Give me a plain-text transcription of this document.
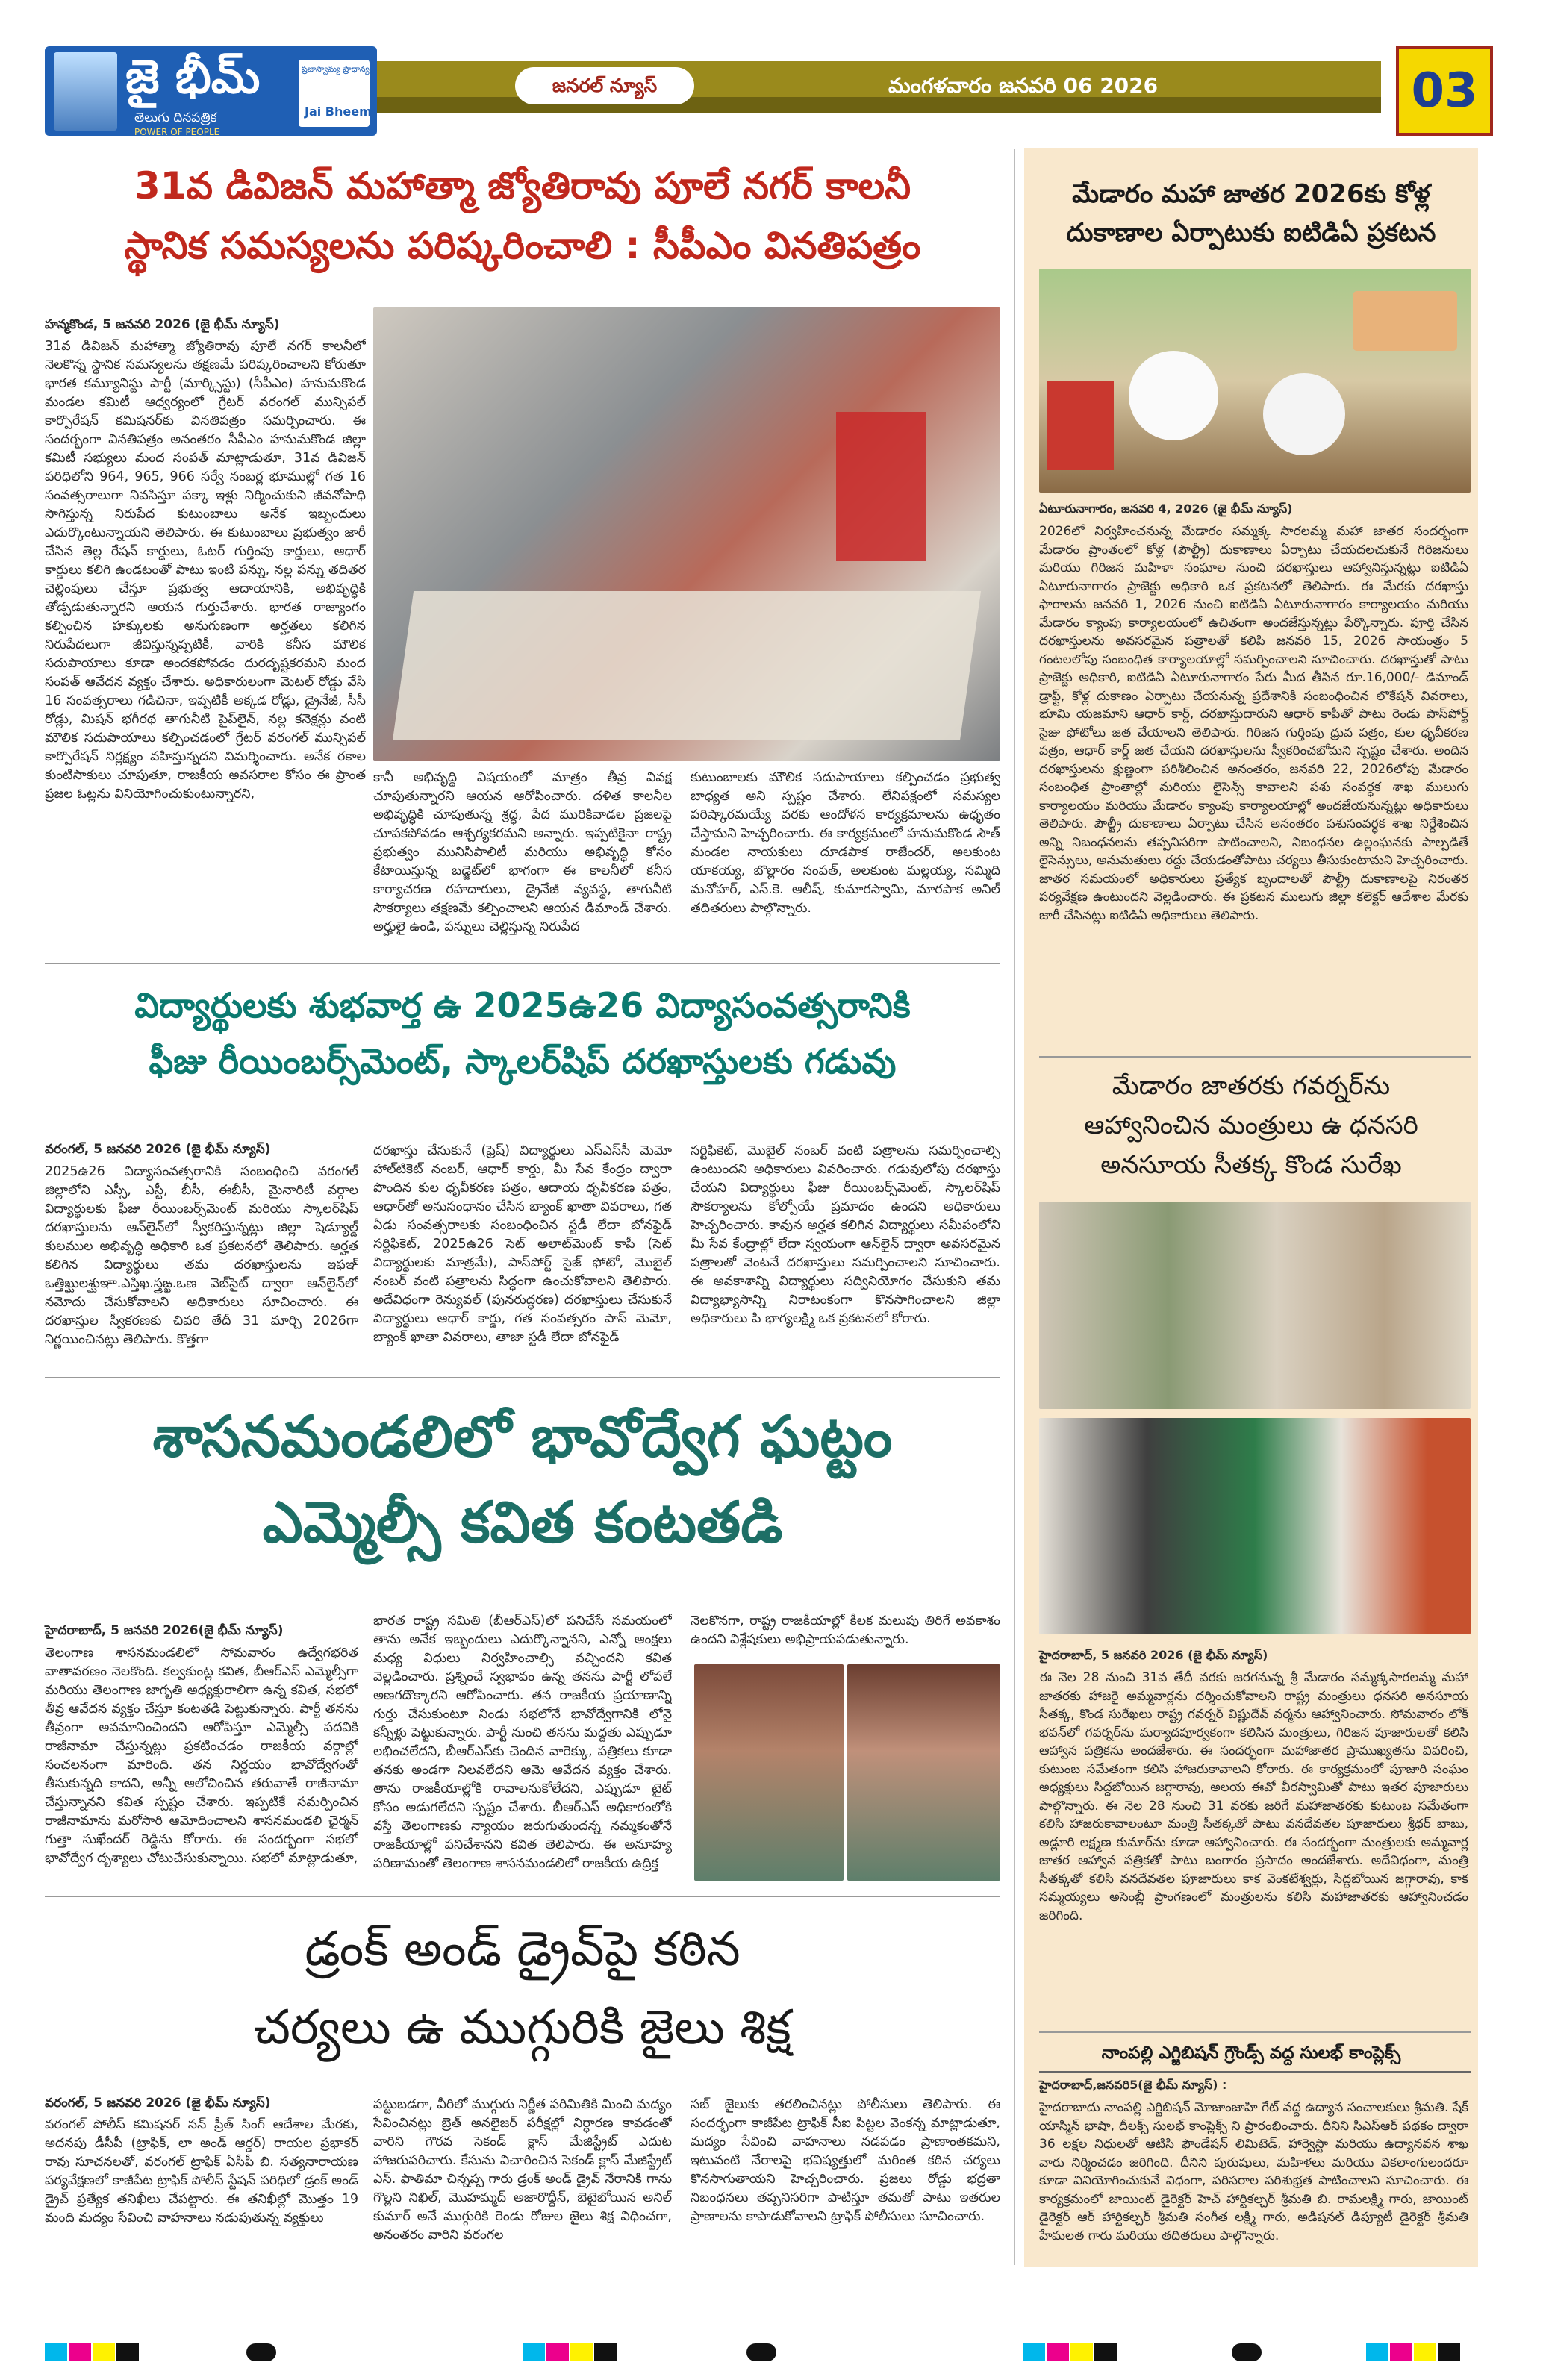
జై భీమ్
తెలుగు దినపత్రిక
POWER OF PEOPLE
ప్రజాస్వామ్య ప్రాధాన్యం
Jai Bheem
జనరల్ న్యూస్	మంగళవారం జనవరి 06 2026	03
31వ డివిజన్ మహాత్మా జ్యోతిరావు పూలే నగర్ కాలనీ
స్థానిక సమస్యలను పరిష్కరించాలి : సీపీఎం వినతిపత్రం
హన్మకొండ, 5 జనవరి 2026 (జై భీమ్ న్యూస్)
31వ డివిజన్ మహాత్మా జ్యోతిరావు పూలే నగర్ కాలనీలో నెలకొన్న స్థానిక సమస్యలను తక్షణమే పరిష్కరించాలని కోరుతూ భారత కమ్యూనిస్టు పార్టీ (మార్క్సిస్టు) (సీపీఎం) హనుమకొండ మండల కమిటీ ఆధ్వర్యంలో గ్రేటర్ వరంగల్ మున్సిపల్ కార్పొరేషన్ కమిషనర్‌కు వినతిపత్రం సమర్పించారు. ఈ సందర్భంగా వినతిపత్రం అనంతరం సీపీఎం హనుమకొండ జిల్లా కమిటీ సభ్యులు మంద సంపత్ మాట్లాడుతూ, 31వ డివిజన్ పరిధిలోని 964, 965, 966 సర్వే నంబర్ల భూముల్లో గత 16 సంవత్సరాలుగా నివసిస్తూ పక్కా ఇళ్లు నిర్మించుకుని జీవనోపాధి సాగిస్తున్న నిరుపేద కుటుంబాలు అనేక ఇబ్బందులు ఎదుర్కొంటున్నాయని తెలిపారు. ఈ కుటుంబాలు ప్రభుత్వం జారీ చేసిన తెల్ల రేషన్ కార్డులు, ఓటర్ గుర్తింపు కార్డులు, ఆధార్ కార్డులు కలిగి ఉండటంతో పాటు ఇంటి పన్ను, నల్ల పన్ను తదితర చెల్లింపులు చేస్తూ ప్రభుత్వ ఆదాయానికి, అభివృద్ధికి తోడ్పడుతున్నారని ఆయన గుర్తుచేశారు. భారత రాజ్యాంగం కల్పించిన హక్కులకు అనుగుణంగా అర్హతలు కలిగిన నిరుపేదలుగా జీవిస్తున్నప్పటికీ, వారికి కనీస మౌలిక సదుపాయాలు కూడా అందకపోవడం దురదృష్టకరమని మంద సంపత్ ఆవేదన వ్యక్తం చేశారు. అధికారులంగా మెటల్ రోడ్డు వేసి 16 సంవత్సరాలు గడిచినా, ఇప్పటికీ అక్కడ రోడ్లు, డ్రైనేజీ, సీసీ రోడ్లు, మిషన్ భగీరథ తాగునీటి పైప్‌లైన్, నల్ల కనెక్షన్లు వంటి మౌలిక సదుపాయాలు కల్పించడంలో గ్రేటర్ వరంగల్ మున్సిపల్ కార్పొరేషన్ నిర్లక్ష్యం వహిస్తున్నదని విమర్శించారు. అనేక రకాల కుంటిసాకులు చూపుతూ, రాజకీయ అవసరాల కోసం ఈ ప్రాంత ప్రజల ఓట్లను వినియోగించుకుంటున్నారని,
కానీ అభివృద్ధి విషయంలో మాత్రం తీవ్ర వివక్ష చూపుతున్నారని ఆయన ఆరోపించారు. దళిత కాలనీల అభివృద్ధికి చూపుతున్న శ్రద్ధ, పేద మురికివాడల ప్రజలపై చూపకపోవడం ఆశ్చర్యకరమని అన్నారు. ఇప్పటికైనా రాష్ట్ర ప్రభుత్వం మునిసిపాలిటీ మరియు అభివృద్ధి కోసం కేటాయిస్తున్న బడ్జెట్‌లో భాగంగా ఈ కాలనీలో కనీస కార్యాచరణ రహదారులు, డ్రైనేజీ వ్యవస్థ, తాగునీటి సౌకర్యాలు తక్షణమే కల్పించాలని ఆయన డిమాండ్ చేశారు. అర్హులై ఉండి, పన్నులు చెల్లిస్తున్న నిరుపేద
కుటుంబాలకు మౌలిక సదుపాయాలు కల్పించడం ప్రభుత్వ బాధ్యత అని స్పష్టం చేశారు. లేనిపక్షంలో సమస్యల పరిష్కారమయ్యే వరకు ఆందోళన కార్యక్రమాలను ఉధృతం చేస్తామని హెచ్చరించారు. ఈ కార్యక్రమంలో హనుమకొండ సౌత్ మండల నాయకులు దూడపాక రాజేందర్, అలకుంట యాకయ్య, బొల్లారం సంపత్, అలకుంట మల్లయ్య, సమ్మిది మనోహర్, ఎస్.కె. ఆలీష్, కుమారస్వామి, మారపాక అనిల్ తదితరులు పాల్గొన్నారు.
విద్యార్థులకు శుభవార్త ఉ 2025ఉ26 విద్యాసంవత్సరానికి
ఫీజు రీయింబర్స్‌మెంట్, స్కాలర్‌షిప్ దరఖాస్తులకు గడువు
వరంగల్, 5 జనవరి 2026 (జై భీమ్ న్యూస్)
2025ఉ26 విద్యాసంవత్సరానికి సంబంధించి వరంగల్ జిల్లాలోని ఎస్సీ, ఎస్టీ, బీసీ, ఈబీసీ, మైనారిటీ వర్గాల విద్యార్థులకు ఫీజు రీయింబర్స్‌మెంట్ మరియు స్కాలర్‌షిప్ దరఖాస్తులను ఆన్‌లైన్‌లో స్వీకరిస్తున్నట్లు జిల్లా షెడ్యూల్డ్ కులముల అభివృద్ధి అధికారి ఒక ప్రకటనలో తెలిపారు. అర్హత కలిగిన విద్యార్థులు తమ దరఖాస్తులను ఇఫఞ్ ఒత్తిఖ్ఘులశ్ఘుఞా.ఎస్తిఖ.స్త్రఙ్ఖ.ఒణ వెబ్‌సైట్ ద్వారా ఆన్‌లైన్‌లో నమోదు చేసుకోవాలని అధికారులు సూచించారు. ఈ దరఖాస్తుల స్వీకరణకు చివరి తేదీ 31 మార్చి 2026గా నిర్ణయించినట్లు తెలిపారు. కొత్తగా
దరఖాస్తు చేసుకునే (ఫ్రెష్) విద్యార్థులు ఎస్ఎస్‌సీ మెమో హాల్‌టికెట్ నంబర్, ఆధార్ కార్డు, మీ సేవ కేంద్రం ద్వారా పొందిన కుల ధృవీకరణ పత్రం, ఆదాయ ధృవీకరణ పత్రం, ఆధార్‌తో అనుసంధానం చేసిన బ్యాంక్ ఖాతా వివరాలు, గత ఏడు సంవత్సరాలకు సంబంధించిన స్టడీ లేదా బోనఫైడ్ సర్టిఫికెట్, 2025ఉ26 సెట్ అలాట్‌మెంట్ కాపీ (సెట్ విద్యార్థులకు మాత్రమే), పాస్‌పోర్ట్ సైజ్ ఫోటో, మొబైల్ నంబర్ వంటి పత్రాలను సిద్ధంగా ఉంచుకోవాలని తెలిపారు. అదేవిధంగా రెన్యువల్ (పునరుద్ధరణ) దరఖాస్తులు చేసుకునే విద్యార్థులు ఆధార్ కార్డు, గత సంవత్సరం పాస్ మెమో, బ్యాంక్ ఖాతా వివరాలు, తాజా స్టడీ లేదా బోనఫైడ్
సర్టిఫికెట్, మొబైల్ నంబర్ వంటి పత్రాలను సమర్పించాల్సి ఉంటుందని అధికారులు వివరించారు. గడువులోపు దరఖాస్తు చేయని విద్యార్థులు ఫీజు రీయింబర్స్‌మెంట్, స్కాలర్‌షిప్ సౌకర్యాలను కోల్పోయే ప్రమాదం ఉందని అధికారులు హెచ్చరించారు. కావున అర్హత కలిగిన విద్యార్థులు సమీపంలోని మీ సేవ కేంద్రాల్లో లేదా స్వయంగా ఆన్‌లైన్ ద్వారా అవసరమైన పత్రాలతో వెంటనే దరఖాస్తులు సమర్పించాలని సూచించారు. ఈ అవకాశాన్ని విద్యార్థులు సద్వినియోగం చేసుకుని తమ విద్యాభ్యాసాన్ని నిరాటంకంగా కొనసాగించాలని జిల్లా అధికారులు పి భాగ్యలక్ష్మి ఒక ప్రకటనలో కోరారు.
శాసనమండలిలో భావోద్వేగ ఘట్టం
ఎమ్మెల్సీ కవిత కంటతడి
హైదరాబాద్, 5 జనవరి 2026(జై భీమ్ న్యూస్)
తెలంగాణ శాసనమండలిలో సోమవారం ఉద్వేగభరిత వాతావరణం నెలకొంది. కల్వకుంట్ల కవిత, బీఆర్ఎస్ ఎమ్మెల్సీగా మరియు తెలంగాణ జాగృతి అధ్యక్షురాలిగా ఉన్న కవిత, సభలో తీవ్ర ఆవేదన వ్యక్తం చేస్తూ కంటతడి పెట్టుకున్నారు. పార్టీ తనను తీవ్రంగా అవమానించిందని ఆరోపిస్తూ ఎమ్మెల్సీ పదవికి రాజీనామా చేస్తున్నట్లు ప్రకటించడం రాజకీయ వర్గాల్లో సంచలనంగా మారింది. తన నిర్ణయం భావోద్వేగంతో తీసుకున్నది కాదని, అన్నీ ఆలోచించిన తరువాతే రాజీనామా చేస్తున్నానని కవిత స్పష్టం చేశారు. ఇప్పటికే సమర్పించిన రాజీనామాను మరోసారి ఆమోదించాలని శాసనమండలి ఛైర్మన్ గుత్తా సుఖేందర్ రెడ్డిను కోరారు. ఈ సందర్భంగా సభలో భావోద్వేగ దృశ్యాలు చోటుచేసుకున్నాయి. సభలో మాట్లాడుతూ,
భారత రాష్ట్ర సమితి (బీఆర్ఎస్)లో పనిచేసే సమయంలో తాను అనేక ఇబ్బందులు ఎదుర్కొన్నానని, ఎన్నో ఆంక్షలు మధ్య విధులు నిర్వహించాల్సి వచ్చిందని కవిత వెల్లడించారు. ప్రశ్నించే స్వభావం ఉన్న తనను పార్టీ లోపలే అణగదొక్కారని ఆరోపించారు. తన రాజకీయ ప్రయాణాన్ని గుర్తు చేసుకుంటూ నిండు సభలోనే భావోద్వేగానికి లోనై కన్నీళ్లు పెట్టుకున్నారు. పార్టీ నుంచి తనను మద్దతు ఎప్పుడూ లభించలేదని, బీఆర్ఎస్‌కు చెందిన వారెక్కు, పత్రికలు కూడా తనకు అండగా నిలవలేదని ఆమె ఆవేదన వ్యక్తం చేశారు. తాను రాజకీయాల్లోకి రావాలనుకోలేదని, ఎప్పుడూ టైట్ కోసం అడుగలేదని స్పష్టం చేశారు. బీఆర్ఎస్ అధికారంలోకి వస్తే తెలంగాణకు న్యాయం జరుగుతుందన్న నమ్మకంతోనే రాజకీయాల్లో పనిచేశానని కవిత తెలిపారు. ఈ అనూహ్య పరిణామంతో తెలంగాణ శాసనమండలిలో రాజకీయ ఉద్రిక్త
నెలకొనగా, రాష్ట్ర రాజకీయాల్లో కీలక మలుపు తిరిగే అవకాశం ఉందని విశ్లేషకులు అభిప్రాయపడుతున్నారు.
డ్రంక్ అండ్ డ్రైవ్‌పై కఠిన
చర్యలు ఉ ముగ్గురికి జైలు శిక్ష
వరంగల్, 5 జనవరి 2026 (జై భీమ్ న్యూస్)
వరంగల్ పోలీస్ కమిషనర్ సన్ ప్రీత్ సింగ్ ఆదేశాల మేరకు, అదనపు డీసీపీ (ట్రాఫిక్, లా అండ్ ఆర్డర్) రాయల ప్రభాకర్ రావు సూచనలతో, వరంగల్ ట్రాఫిక్ ఏసీపీ బి. సత్యనారాయణ పర్యవేక్షణలో కాజీపేట ట్రాఫిక్ పోలీస్ స్టేషన్ పరిధిలో డ్రంక్ అండ్ డ్రైవ్ ప్రత్యేక తనిఖీలు చేపట్టారు. ఈ తనిఖీల్లో మొత్తం 19 మంది మద్యం సేవించి వాహనాలు నడుపుతున్న వ్యక్తులు
పట్టుబడగా, వీరిలో ముగ్గురు నిర్ణీత పరిమితికి మించి మద్యం సేవించినట్లు బ్రెత్ అనలైజర్ పరీక్షల్లో నిర్ధారణ కావడంతో వారిని గౌరవ సెకండ్ క్లాస్ మేజిస్ట్రేట్ ఎదుట హాజరుపరిచారు. కేసును విచారించిన సెకండ్ క్లాస్ మేజిస్ట్రేట్ ఎస్. ఫాతిమా చిన్నప్ప గారు డ్రంక్ అండ్ డ్రైవ్ నేరానికి గాను గొల్లని నిఖిల్, మొహమ్మద్ అజారొద్దీన్, బెటైబోయిన అనిల్ కుమార్ అనే ముగ్గురికి రెండు రోజుల జైలు శిక్ష విధించగా, అనంతరం వారిని వరంగల
సబ్ జైలుకు తరలించినట్లు పోలీసులు తెలిపారు. ఈ సందర్భంగా కాజీపేట ట్రాఫిక్ సీఐ పిట్టల వెంకన్న మాట్లాడుతూ, మద్యం సేవించి వాహనాలు నడపడం ప్రాణాంతకమని, ఇటువంటి నేరాలపై భవిష్యత్తులో మరింత కఠిన చర్యలు కొనసాగుతాయని హెచ్చరించారు. ప్రజలు రోడ్డు భద్రతా నిబంధనలు తప్పనిసరిగా పాటిస్తూ తమతో పాటు ఇతరుల ప్రాణాలను కాపాడుకోవాలని ట్రాఫిక్ పోలీసులు సూచించారు.
మేడారం మహా జాతర 2026కు కోళ్ల
దుకాణాల ఏర్పాటుకు ఐటిడిఏ ప్రకటన
ఏటూరునాగారం, జనవరి 4, 2026 (జై భీమ్ న్యూస్)
2026లో నిర్వహించనున్న మేడారం సమ్మక్క సారలమ్మ మహా జాతర సందర్భంగా మేడారం ప్రాంతంలో కోళ్ల (పౌల్ట్రీ) దుకాణాలు ఏర్పాటు చేయదలచుకునే గిరిజనులు మరియు గిరిజన మహిళా సంఘాల నుంచి దరఖాస్తులు ఆహ్వానిస్తున్నట్లు ఐటిడిఏ ఏటూరునాగారం ప్రాజెక్టు అధికారి ఒక ప్రకటనలో తెలిపారు. ఈ మేరకు దరఖాస్తు ఫారాలను జనవరి 1, 2026 నుంచి ఐటిడిఏ ఏటూరునాగారం కార్యాలయం మరియు మేడారం క్యాంపు కార్యాలయంలో ఉచితంగా అందజేస్తున్నట్లు పేర్కొన్నారు. పూర్తి చేసిన దరఖాస్తులను అవసరమైన పత్రాలతో కలిపి జనవరి 15, 2026 సాయంత్రం 5 గంటలలోపు సంబంధిత కార్యాలయాల్లో సమర్పించాలని సూచించారు. దరఖాస్తుతో పాటు ప్రాజెక్టు అధికారి, ఐటిడిఏ ఏటూరునాగారం పేరు మీద తీసిన రూ.16,000/- డిమాండ్ డ్రాఫ్ట్, కోళ్ల దుకాణం ఏర్పాటు చేయనున్న ప్రదేశానికి సంబంధించిన లొకేషన్ వివరాలు, భూమి యజమాని ఆధార్ కార్డ్, దరఖాస్తుదారుని ఆధార్ కాపీతో పాటు రెండు పాస్‌పోర్ట్ సైజు ఫోటోలు జత చేయాలని తెలిపారు. గిరిజన గుర్తింపు ధ్రువ పత్రం, కుల ధృవీకరణ పత్రం, ఆధార్ కార్డ్ జత చేయని దరఖాస్తులను స్వీకరించబోమని స్పష్టం చేశారు. అందిన దరఖాస్తులను క్షుణ్ణంగా పరిశీలించిన అనంతరం, జనవరి 22, 2026లోపు మేడారం సంబంధిత ప్రాంతాల్లో మరియు లైసెన్స్ కావాలని పశు సంవర్ధక శాఖ ములుగు కార్యాలయం మరియు మేడారం క్యాంపు కార్యాలయాల్లో అందజేయనున్నట్లు అధికారులు తెలిపారు. పౌల్ట్రీ దుకాణాలు ఏర్పాటు చేసిన అనంతరం పశుసంవర్ధక శాఖ నిర్దేశించిన అన్ని నిబంధనలను తప్పనిసరిగా పాటించాలని, నిబంధనల ఉల్లంఘనకు పాల్పడితే లైసెన్సులు, అనుమతులు రద్దు చేయడంతోపాటు చర్యలు తీసుకుంటామని హెచ్చరించారు. జాతర సమయంలో అధికారులు ప్రత్యేక బృందాలతో పౌల్ట్రీ దుకాణాలపై నిరంతర పర్యవేక్షణ ఉంటుందని వెల్లడించారు. ఈ ప్రకటన ములుగు జిల్లా కలెక్టర్ ఆదేశాల మేరకు జారీ చేసినట్లు ఐటిడిఏ అధికారులు తెలిపారు.
మేడారం జాతరకు గవర్నర్‌ను
ఆహ్వానించిన మంత్రులు ఉ ధనసరి
అనసూయ సీతక్క కొండ సురేఖ
హైదరాబాద్, 5 జనవరి 2026 (జై భీమ్ న్యూస్)
ఈ నెల 28 నుంచి 31వ తేదీ వరకు జరగనున్న శ్రీ మేడారం సమ్మక్క‌సారలమ్మ మహా జాతరకు హాజరై అమ్మవార్లను దర్శించుకోవాలని రాష్ట్ర మంత్రులు ధనసరి అనసూయ సీతక్క, కొండ సురేఖలు రాష్ట్ర గవర్నర్ విష్ణుదేవ్ వర్మను ఆహ్వానించారు. సోమవారం లోక్ భవన్‌లో గవర్నర్‌ను మర్యాదపూర్వకంగా కలిసిన మంత్రులు, గిరిజన పూజారులతో కలిసి ఆహ్వాన పత్రికను అందజేశారు. ఈ సందర్భంగా మహాజాతర ప్రాముఖ్యతను వివరించి, కుటుంబ సమేతంగా కలిసి హాజరుకావాలని కోరారు. ఈ కార్యక్రమంలో పూజారి సంఘం అధ్యక్షులు సిద్దబోయిన జగ్గారావు, అలయ ఈవో వీరస్వామితో పాటు ఇతర పూజారులు పాల్గొన్నారు. ఈ నెల 28 నుంచి 31 వరకు జరిగే మహాజాతరకు కుటుంబ సమేతంగా కలిసి హాజరుకావాలంటూ మంత్రి సీతక్కతో పాటు వనదేవతల పూజారులు శ్రీధర్ బాబు, అడ్లూరి లక్ష్మణ కుమార్‌ను కూడా ఆహ్వానించారు. ఈ సందర్భంగా మంత్రులకు అమ్మవార్ల జాతర ఆహ్వాన పత్రికతో పాటు బంగారం ప్రసాదం అందజేశారు. అదేవిధంగా, మంత్రి సీతక్కతో కలిసి వనదేవతల పూజారులు కాక వెంకటేశ్వర్లు, సిద్దబోయిన జగ్గారావు, కాక సమ్మయ్యలు అసెంబ్లీ ప్రాంగణంలో మంత్రులను కలిసి మహాజాతరకు ఆహ్వానించడం జరిగింది.
నాంపల్లి ఎగ్జిబిషన్ గ్రౌండ్స్ వద్ద సులభ్ కాంప్లెక్స్
హైదరాబాద్,జనవరి5(జై భీమ్ న్యూస్) :
హైదరాబాదు నాంపల్లి ఎగ్జిబిషన్ మోజాంజాహి గేట్ వద్ద ఉద్యాన సంచాలకులు శ్రీమతి. షేక్ యాస్మిన్ భాషా, దీలక్స్ సులభ్ కాంప్లెక్స్ ని ప్రారంభించారు. దీనిని సిఎస్ఆర్ పథకం ద్వారా 36 లక్షల నిధులతో ఆటిసి ఫౌండేషన్ లిమిటెడ్, హార్వెస్టా మరియు ఉద్యానవన శాఖ వారు నిర్మించడం జరిగింది. దీనిని పురుషులు, మహిళలు మరియు వికలాంగులందరూ కూడా వినియోగించుకునే విధంగా, పరిసరాల పరిశుభ్రత పాటించాలని సూచించారు. ఈ కార్యక్రమంలో జాయింట్ డైరెక్టర్ హెచ్ హార్టికల్చర్ శ్రీమతి బి. రామలక్ష్మి గారు, జాయింట్ డైరెక్టర్ ఆర్ హార్టికల్చర్ శ్రీమతి సంగీత లక్ష్మి గారు, అడిషనల్ డిప్యూటీ డైరెక్టర్ శ్రీమతి హేమలత గారు మరియు తదితరులు పాల్గొన్నారు.
